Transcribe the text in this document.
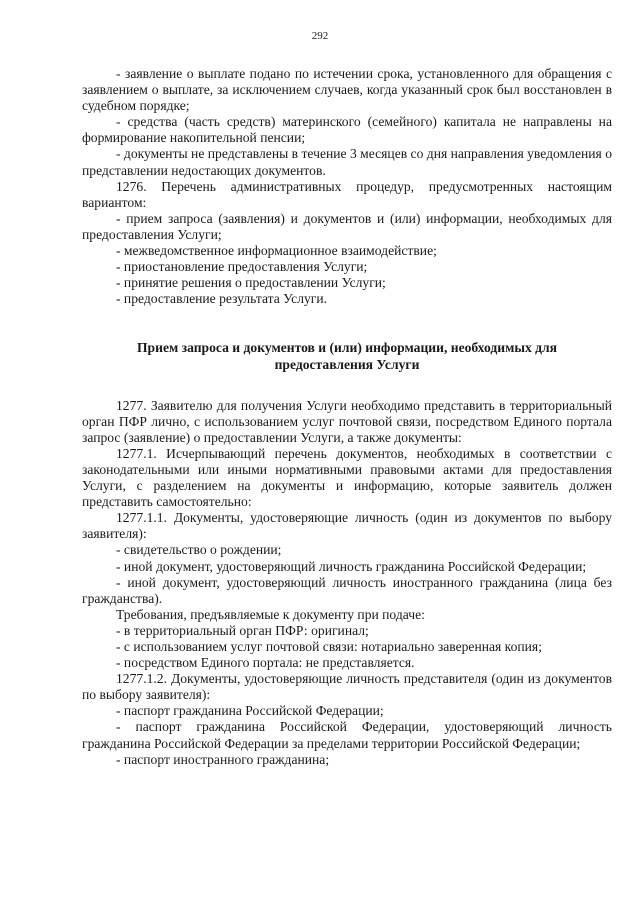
292

- заявление о выплате подано по истечении срока, установленного для обращения с заявлением о выплате, за исключением случаев, когда указанный срок был восстановлен в судебном порядке;

- средства (часть средств) материнского (семейного) капитала не направлены на формирование накопительной пенсии;

- документы не представлены в течение 3 месяцев со дня направления уведомления о представлении недостающих документов.

1276. Перечень административных процедур, предусмотренных настоящим вариантом:

- прием запроса (заявления) и документов и (или) информации, необходимых для предоставления Услуги;

- межведомственное информационное взаимодействие;

- приостановление предоставления Услуги;

- принятие решения о предоставлении Услуги;

- предоставление результата Услуги.

Прием запроса и документов и (или) информации, необходимых для предоставления Услуги

1277. Заявителю для получения Услуги необходимо представить в территориальный орган ПФР лично, с использованием услуг почтовой связи, посредством Единого портала запрос (заявление) о предоставлении Услуги, а также документы:

1277.1. Исчерпывающий перечень документов, необходимых в соответствии с законодательными или иными нормативными правовыми актами для предоставления Услуги, с разделением на документы и информацию, которые заявитель должен представить самостоятельно:

1277.1.1. Документы, удостоверяющие личность (один из документов по выбору заявителя):

- свидетельство о рождении;

- иной документ, удостоверяющий личность гражданина Российской Федерации;

- иной документ, удостоверяющий личность иностранного гражданина (лица без гражданства).

Требования, предъявляемые к документу при подаче:

- в территориальный орган ПФР: оригинал;

- с использованием услуг почтовой связи: нотариально заверенная копия;

- посредством Единого портала: не представляется.

1277.1.2. Документы, удостоверяющие личность представителя (один из документов по выбору заявителя):

- паспорт гражданина Российской Федерации;

- паспорт гражданина Российской Федерации, удостоверяющий личность гражданина Российской Федерации за пределами территории Российской Федерации;

- паспорт иностранного гражданина;
